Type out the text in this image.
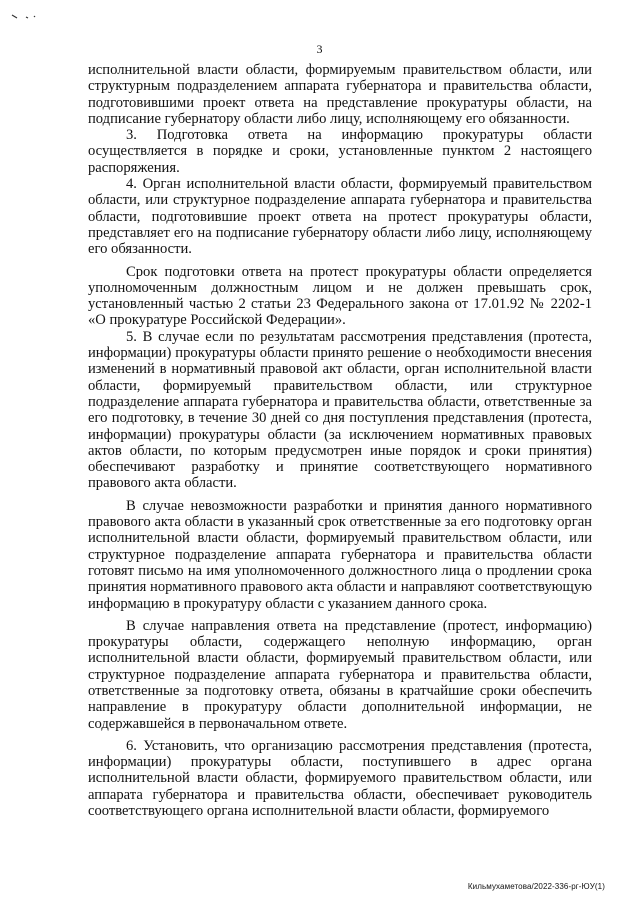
3

исполнительной власти области, формируемым правительством области, или структурным подразделением аппарата губернатора и правительства области, подготовившими проект ответа на представление прокуратуры области, на подписание губернатору области либо лицу, исполняющему его обязанности.

3. Подготовка ответа на информацию прокуратуры области осуществляется в порядке и сроки, установленные пунктом 2 настоящего распоряжения.

4. Орган исполнительной власти области, формируемый правительством области, или структурное подразделение аппарата губернатора и правительства области, подготовившие проект ответа на протест прокуратуры области, представляет его на подписание губернатору области либо лицу, исполняющему его обязанности.

Срок подготовки ответа на протест прокуратуры области определяется уполномоченным должностным лицом и не должен превышать срок, установленный частью 2 статьи 23 Федерального закона от 17.01.92 № 2202-1 «О прокуратуре Российской Федерации».

5. В случае если по результатам рассмотрения представления (протеста, информации) прокуратуры области принято решение о необходимости внесения изменений в нормативный правовой акт области, орган исполнительной власти области, формируемый правительством области, или структурное подразделение аппарата губернатора и правительства области, ответственные за его подготовку, в течение 30 дней со дня поступления представления (протеста, информации) прокуратуры области (за исключением нормативных правовых актов области, по которым предусмотрен иные порядок и сроки принятия) обеспечивают разработку и принятие соответствующего нормативного правового акта области.

В случае невозможности разработки и принятия данного нормативного правового акта области в указанный срок ответственные за его подготовку орган исполнительной власти области, формируемый правительством области, или структурное подразделение аппарата губернатора и правительства области готовят письмо на имя уполномоченного должностного лица о продлении срока принятия нормативного правового акта области и направляют соответствующую информацию в прокуратуру области с указанием данного срока.

В случае направления ответа на представление (протест, информацию) прокуратуры области, содержащего неполную информацию, орган исполнительной власти области, формируемый правительством области, или структурное подразделение аппарата губернатора и правительства области, ответственные за подготовку ответа, обязаны в кратчайшие сроки обеспечить направление в прокуратуру области дополнительной информации, не содержавшейся в первоначальном ответе.

6. Установить, что организацию рассмотрения представления (протеста, информации) прокуратуры области, поступившего в адрес органа исполнительной власти области, формируемого правительством области, или аппарата губернатора и правительства области, обеспечивает руководитель соответствующего органа исполнительной власти области, формируемого

Кильмухаметова/2022-336-рг-ЮУ(1)
